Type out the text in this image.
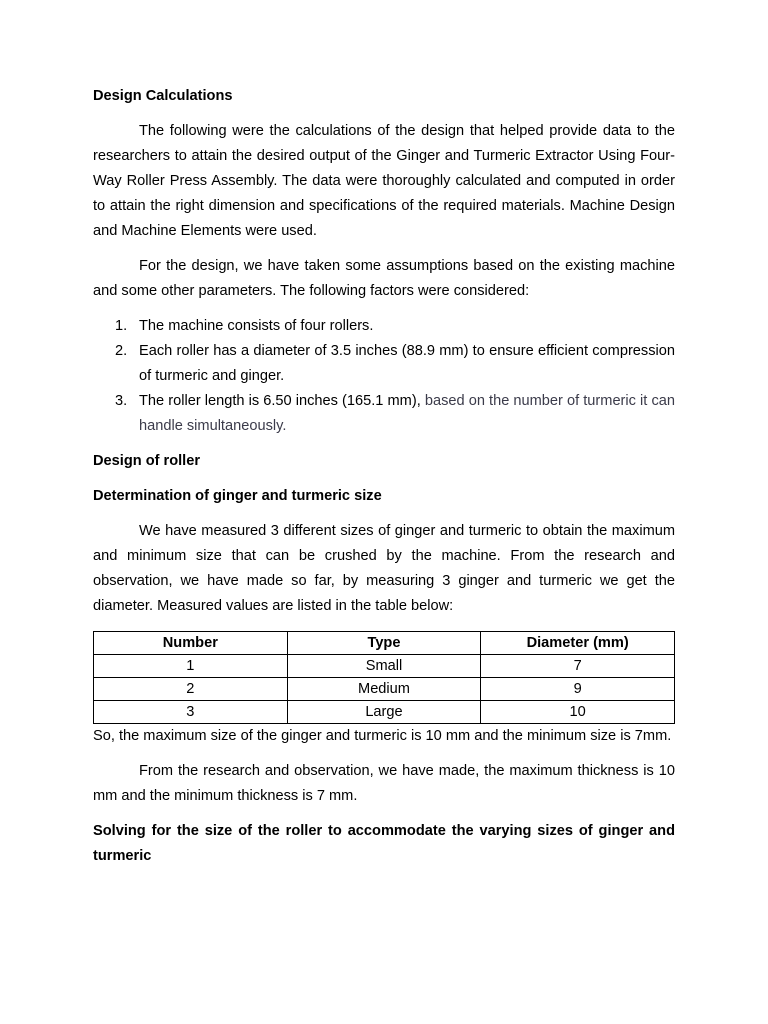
Design Calculations

The following were the calculations of the design that helped provide data to the researchers to attain the desired output of the Ginger and Turmeric Extractor Using Four-Way Roller Press Assembly. The data were thoroughly calculated and computed in order to attain the right dimension and specifications of the required materials. Machine Design and Machine Elements were used.

For the design, we have taken some assumptions based on the existing machine and some other parameters. The following factors were considered:

1. The machine consists of four rollers.
2. Each roller has a diameter of 3.5 inches (88.9 mm) to ensure efficient compression of turmeric and ginger.
3. The roller length is 6.50 inches (165.1 mm), based on the number of turmeric it can handle simultaneously.
Design of roller
Determination of ginger and turmeric size

We have measured 3 different sizes of ginger and turmeric to obtain the maximum and minimum size that can be crushed by the machine. From the research and observation, we have made so far, by measuring 3 ginger and turmeric we get the diameter. Measured values are listed in the table below:

Number	Type	Diameter (mm)
1	Small	7
2	Medium	9
3	Large	10

So, the maximum size of the ginger and turmeric is 10 mm and the minimum size is 7mm.

From the research and observation, we have made, the maximum thickness is 10 mm and the minimum thickness is 7 mm.

Solving for the size of the roller to accommodate the varying sizes of ginger and turmeric
